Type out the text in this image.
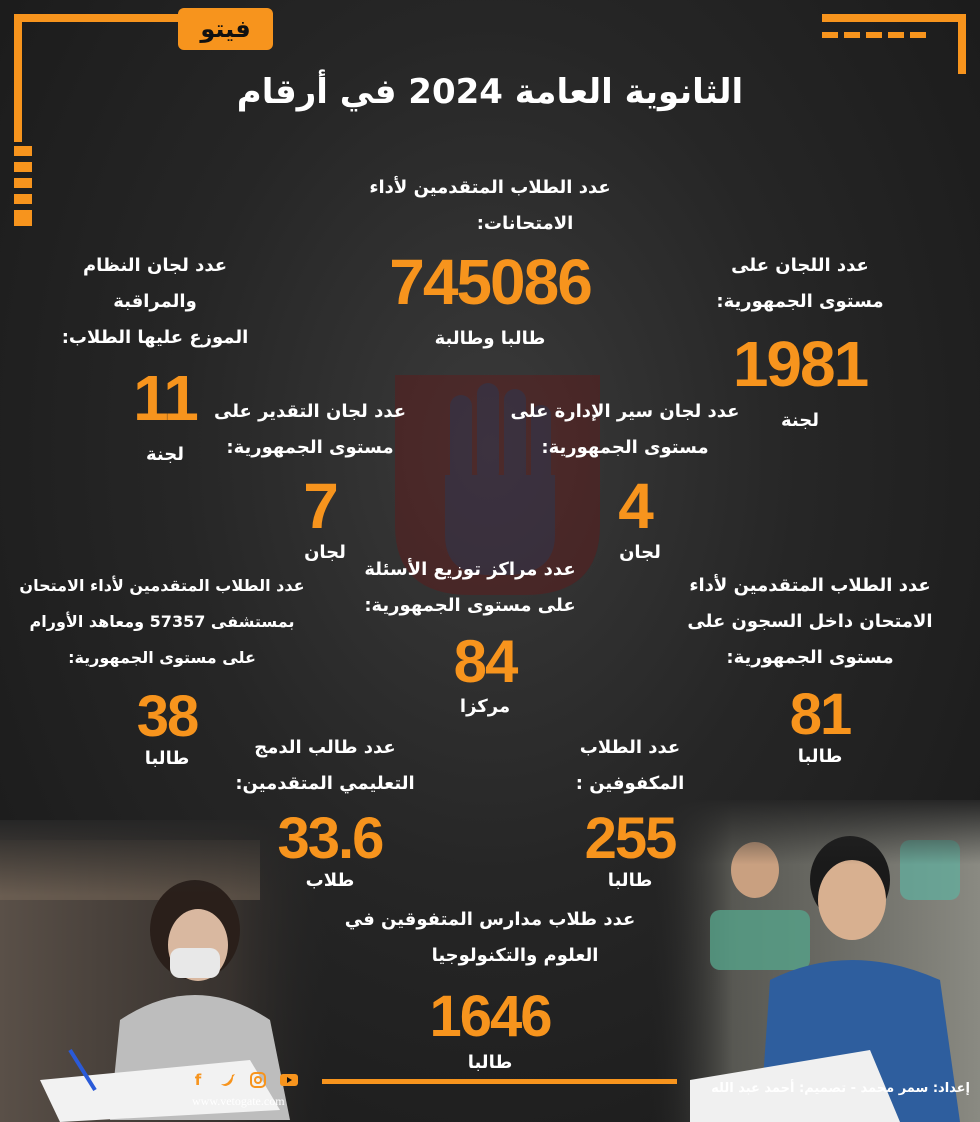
فيتو
الثانوية العامة 2024 في أرقام
عدد الطلاب المتقدمين لأداء
الامتحانات:
745086
طالبا وطالبة
عدد اللجان على
مستوى الجمهورية:
1981
لجنة
عدد لجان النظام والمراقبة
الموزع عليها الطلاب:
11
لجنة
عدد لجان سير الإدارة على
مستوى الجمهورية:
4
لجان
عدد لجان التقدير على
مستوى الجمهورية:
7
لجان
عدد مراكز توزيع الأسئلة
على مستوى الجمهورية:
84
مركزا
عدد الطلاب المتقدمين لأداء
الامتحان داخل السجون على
مستوى الجمهورية:
81
طالبا
عدد الطلاب المتقدمين لأداء الامتحان
بمستشفى 57357 ومعاهد الأورام
على مستوى الجمهورية:
38
طالبا
عدد الطلاب
المكفوفين :
255
طالبا
عدد طالب الدمج
التعليمي المتقدمين:
33.6
طلاب
عدد طلاب مدارس المتفوقين في
العلوم والتكنولوجيا
1646
طالبا
f
www.vetogate.com
إعداد: سمر محمد - تصميم: أحمد عبد الله
